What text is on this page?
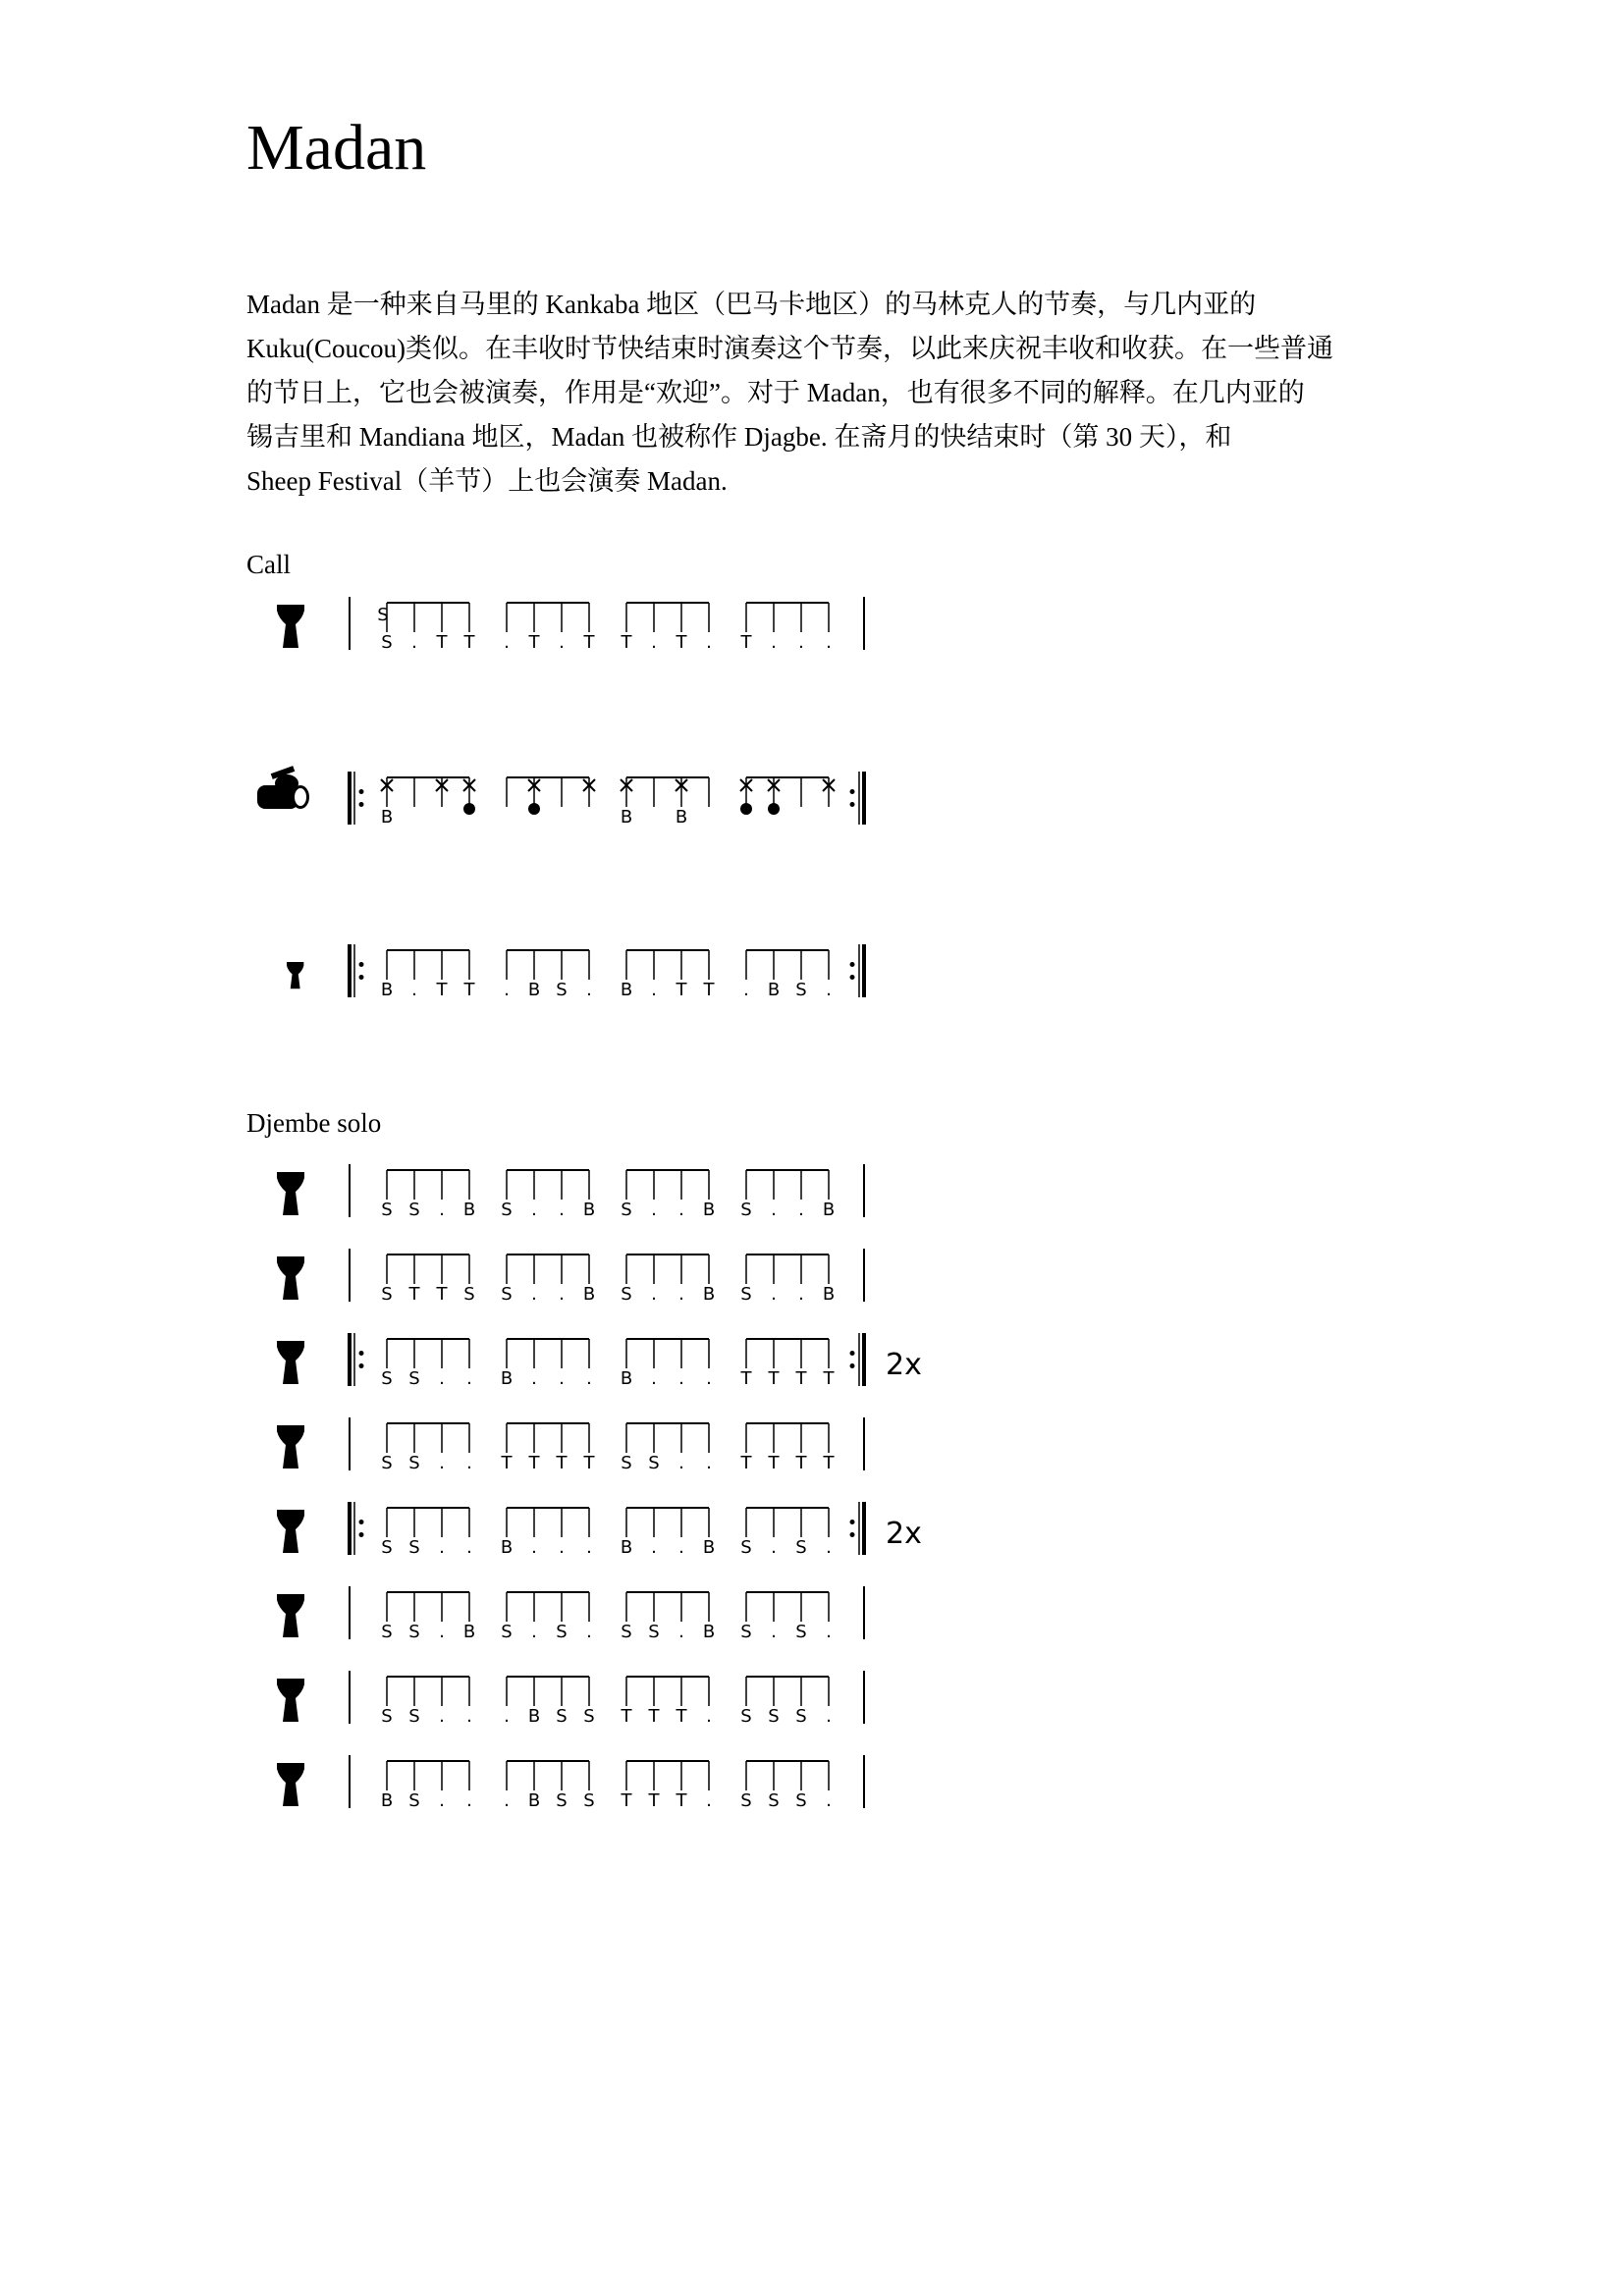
Madan

Madan 是一种来自马里的 Kankaba 地区（巴马卡地区）的马林克人的节奏，与几内亚的

Kuku(Coucou)类似。在丰收时节快结束时演奏这个节奏，以此来庆祝丰收和收获。在一些普通

的节日上，它也会被演奏，作用是“欢迎”。对于 Madan，也有很多不同的解释。在几内亚的

锡吉里和 Mandiana 地区，Madan 也被称作 Djagbe. 在斋月的快结束时（第 30 天），和

Sheep Festival（羊节）上也会演奏 Madan.

Call
Djembe solo
S . T T . T . T T . T . T . . .
S
B	B B
B . T T . B S . B . T T . B S .
S S . B S . . B S . . B S . . B
S T T S S . . B S . . B S . . B
S S . . B . . . B . . . T T T T 2x
S S . . T T T T S S . . T T T T
S S . . B . . . B . . B S . S . 2x
S S . B S . S . S S . B S . S .
S S . . . B S S T T T . S S S .
B S . . . B S S T T T . S S S .
